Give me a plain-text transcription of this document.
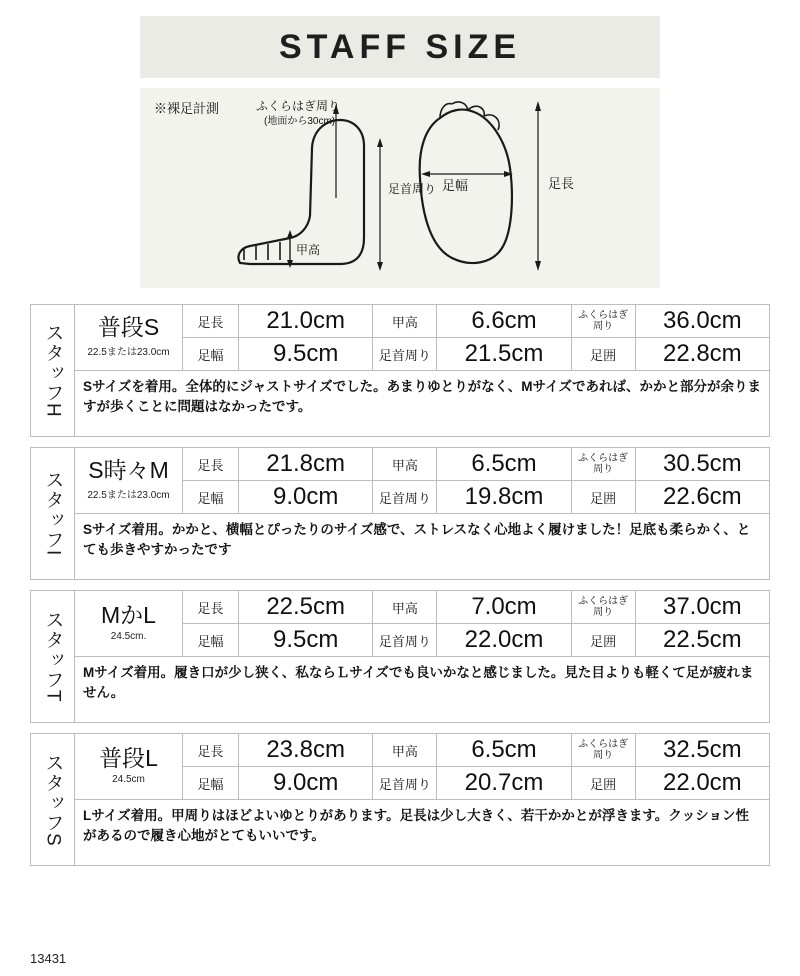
STAFF SIZE
※裸足計測
甲高
足首周り
ふくらはぎ周り
(地面から30cm)
足幅	足長
スタッフH 普段S
22.5または23.0cm
足長	21.0cm	甲高	6.6cm	ふくらはぎ
周り	36.0cm
足幅	9.5cm	足首周り	21.5cm	足囲	22.8cm
Sサイズを着用。全体的にジャストサイズでした。あまりゆとりがなく、Mサイズであれば、かかと部分が余りますが歩くことに問題はなかったです。
スタッフI
S時々M
22.5または23.0cm
足長	21.8cm	甲高	6.5cm	ふくらはぎ
周り	30.5cm
足幅	9.0cm	足首周り	19.8cm	足囲	22.6cm
Sサイズ着用。かかと、横幅とぴったりのサイズ感で、ストレスなく心地よく履けました！足底も柔らかく、とても歩きやすかったです
スタッフT MかL
24.5cm.
足長	22.5cm	甲高	7.0cm	ふくらはぎ
周り	37.0cm
足幅	9.5cm	足首周り	22.0cm	足囲	22.5cm
Mサイズ着用。履き口が少し狭く、私ならＬサイズでも良いかなと感じました。見た目よりも軽くて足が疲れません。
スタッフS 普段L
24.5cm
足長	23.8cm	甲高	6.5cm	ふくらはぎ
周り	32.5cm
足幅	9.0cm	足首周り	20.7cm	足囲	22.0cm
Lサイズ着用。甲周りはほどよいゆとりがあります。足長は少し大きく、若干かかとが浮きます。クッション性があるので履き心地がとてもいいです。
13431
